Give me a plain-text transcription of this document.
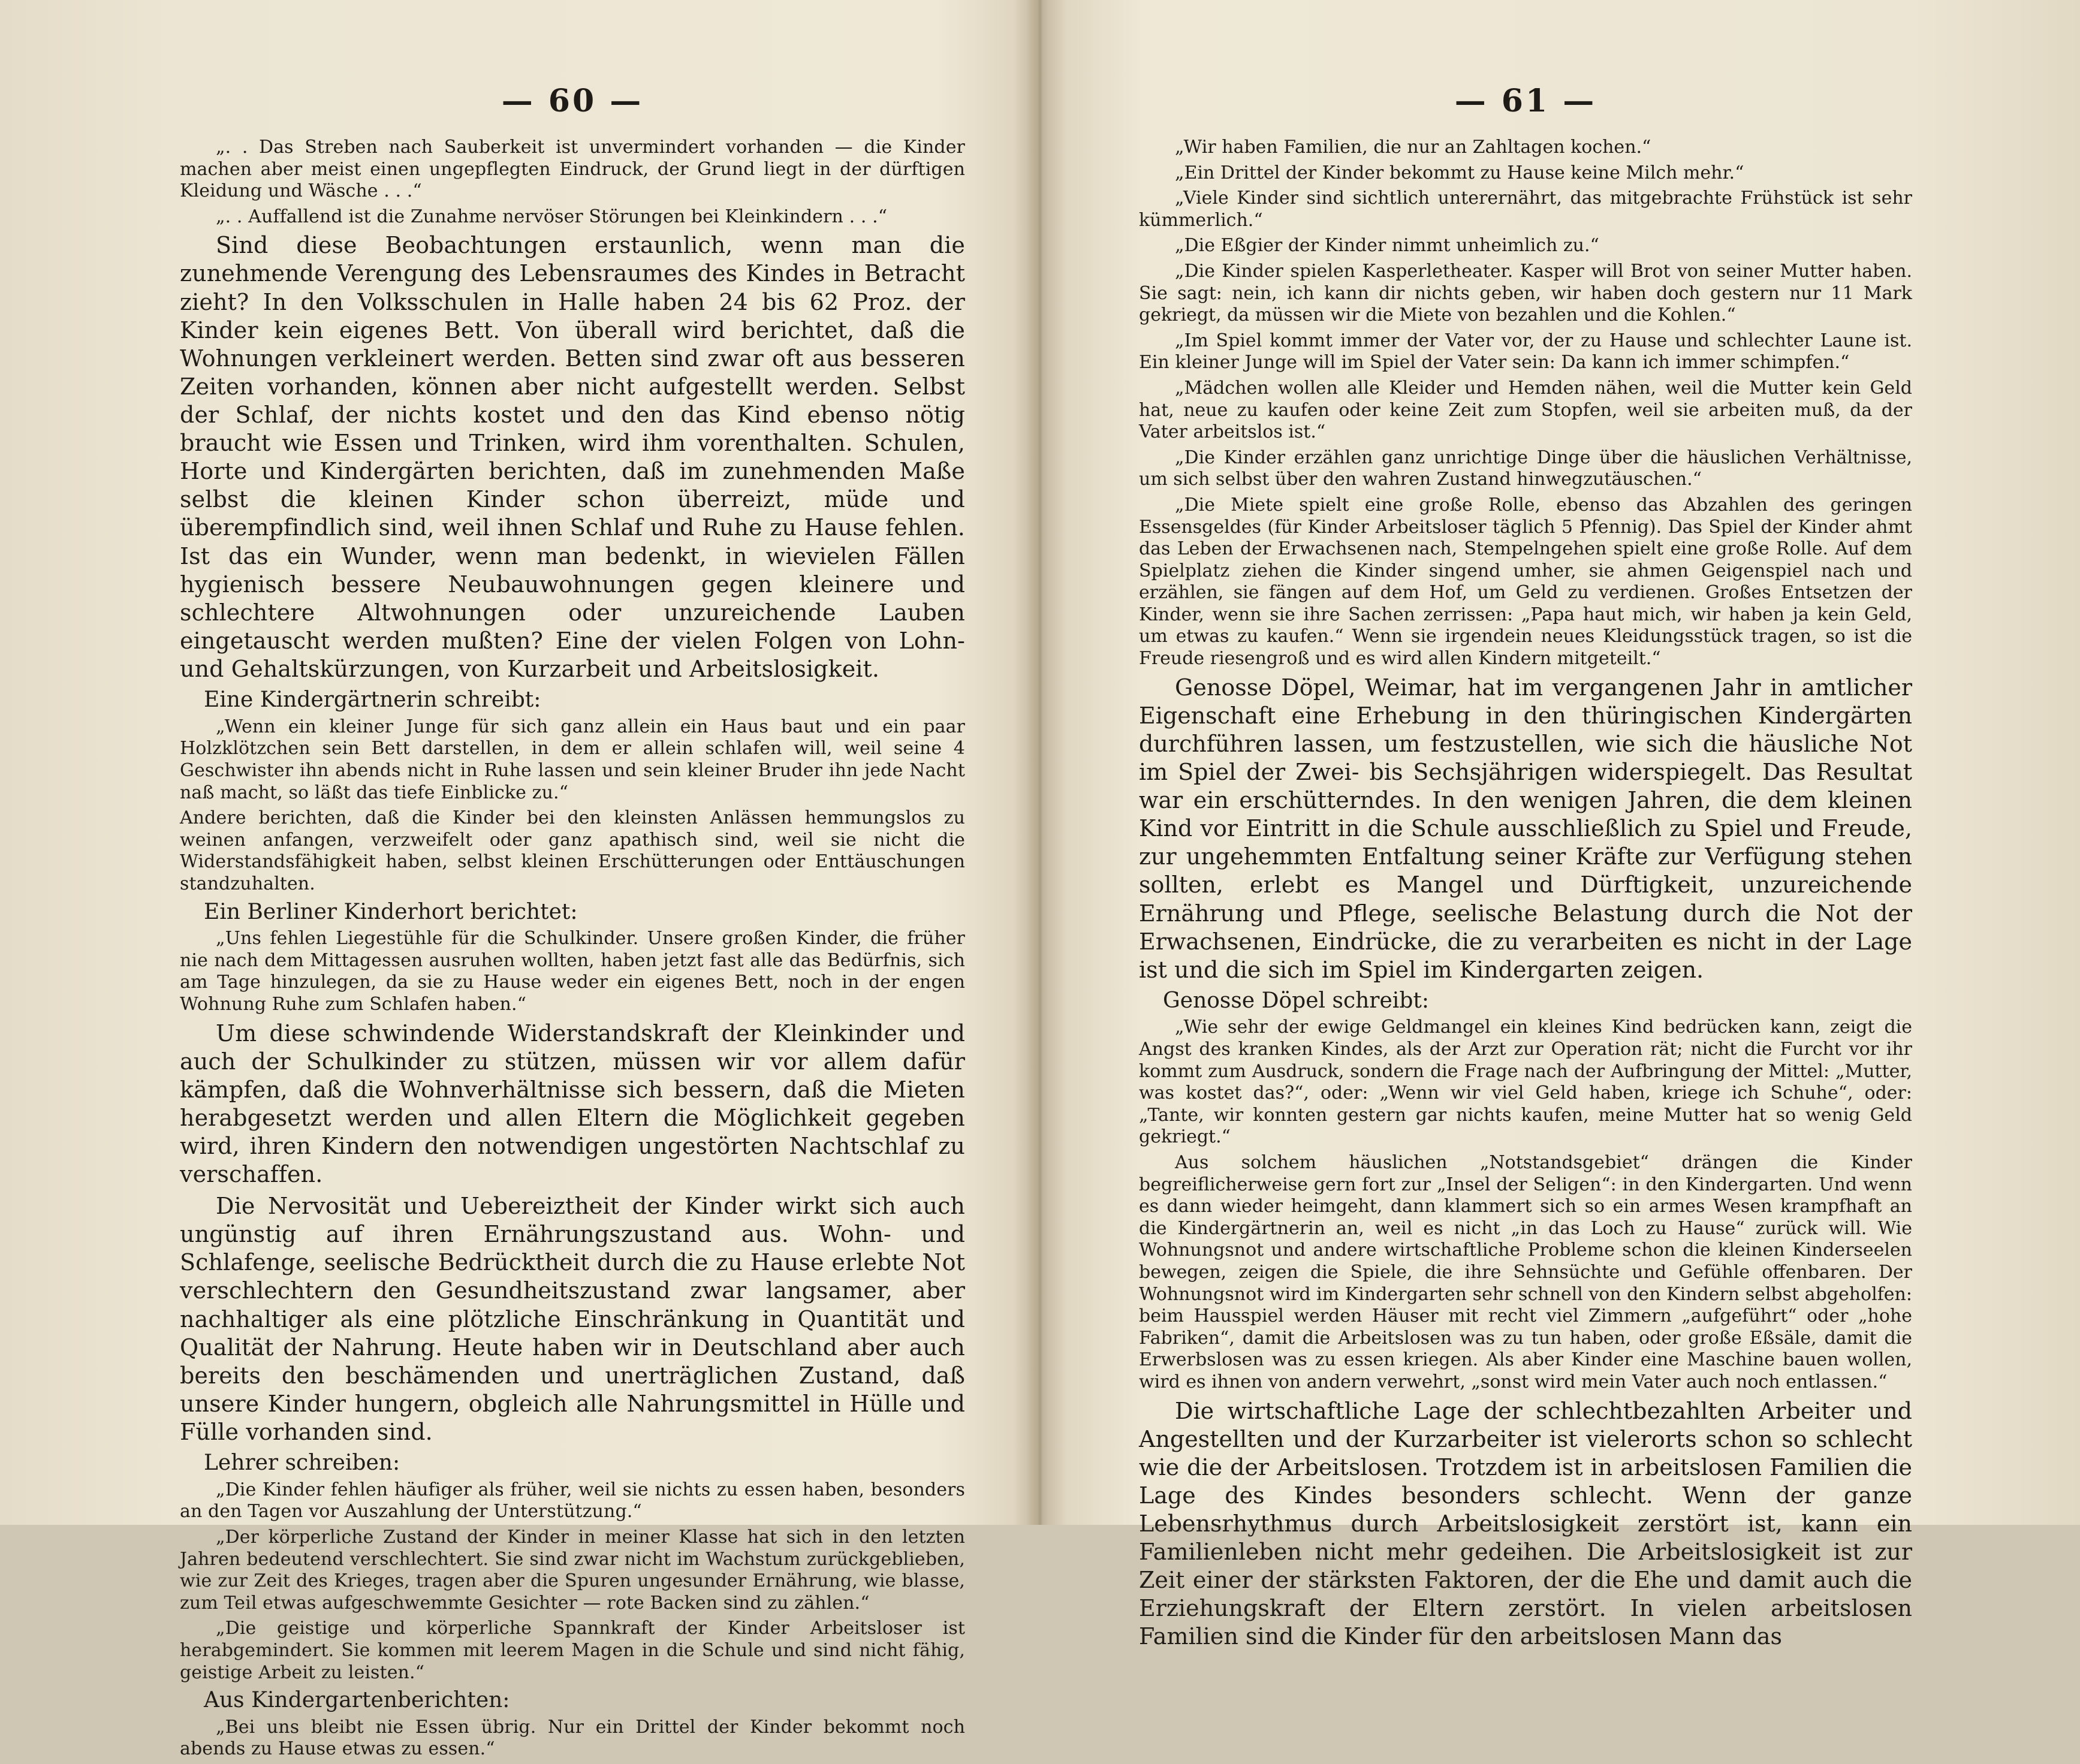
— 60 —

„. . Das Streben nach Sauberkeit ist unvermindert vorhanden — die Kinder machen aber meist einen ungepflegten Eindruck, der Grund liegt in der dürftigen Kleidung und Wäsche . . .“

„. . Auffallend ist die Zunahme nervöser Störungen bei Kleinkindern . . .“

Sind diese Beobachtungen erstaunlich, wenn man die zunehmende Verengung des Lebensraumes des Kindes in Betracht zieht? In den Volksschulen in Halle haben 24 bis 62 Proz. der Kinder kein eigenes Bett. Von überall wird berichtet, daß die Wohnungen verkleinert werden. Betten sind zwar oft aus besseren Zeiten vorhanden, können aber nicht aufgestellt werden. Selbst der Schlaf, der nichts kostet und den das Kind ebenso nötig braucht wie Essen und Trinken, wird ihm vorenthalten. Schulen, Horte und Kindergärten berichten, daß im zunehmenden Maße selbst die kleinen Kinder schon überreizt, müde und überempfindlich sind, weil ihnen Schlaf und Ruhe zu Hause fehlen. Ist das ein Wunder, wenn man bedenkt, in wievielen Fällen hygienisch bessere Neubauwohnungen gegen kleinere und schlechtere Altwohnungen oder unzureichende Lauben eingetauscht werden mußten? Eine der vielen Folgen von Lohn- und Gehaltskürzungen, von Kurzarbeit und Arbeitslosigkeit.

Eine Kindergärtnerin schreibt:

„Wenn ein kleiner Junge für sich ganz allein ein Haus baut und ein paar Holzklötzchen sein Bett darstellen, in dem er allein schlafen will, weil seine 4 Geschwister ihn abends nicht in Ruhe lassen und sein kleiner Bruder ihn jede Nacht naß macht, so läßt das tiefe Einblicke zu.“

Andere berichten, daß die Kinder bei den kleinsten Anlässen hemmungslos zu weinen anfangen, verzweifelt oder ganz apathisch sind, weil sie nicht die Widerstandsfähigkeit haben, selbst kleinen Erschütterungen oder Enttäuschungen standzuhalten.

Ein Berliner Kinderhort berichtet:

„Uns fehlen Liegestühle für die Schulkinder. Unsere großen Kinder, die früher nie nach dem Mittagessen ausruhen wollten, haben jetzt fast alle das Bedürfnis, sich am Tage hinzulegen, da sie zu Hause weder ein eigenes Bett, noch in der engen Wohnung Ruhe zum Schlafen haben.“

Um diese schwindende Widerstandskraft der Kleinkinder und auch der Schulkinder zu stützen, müssen wir vor allem dafür kämpfen, daß die Wohnverhältnisse sich bessern, daß die Mieten herabgesetzt werden und allen Eltern die Möglichkeit gegeben wird, ihren Kindern den notwendigen ungestörten Nachtschlaf zu verschaffen.

Die Nervosität und Uebereiztheit der Kinder wirkt sich auch ungünstig auf ihren Ernährungszustand aus. Wohn- und Schlafenge, seelische Bedrücktheit durch die zu Hause erlebte Not verschlechtern den Gesundheitszustand zwar langsamer, aber nachhaltiger als eine plötzliche Einschränkung in Quantität und Qualität der Nahrung. Heute haben wir in Deutschland aber auch bereits den beschämenden und unerträglichen Zustand, daß unsere Kinder hungern, obgleich alle Nahrungsmittel in Hülle und Fülle vorhanden sind.

Lehrer schreiben:

„Die Kinder fehlen häufiger als früher, weil sie nichts zu essen haben, besonders an den Tagen vor Auszahlung der Unterstützung.“

„Der körperliche Zustand der Kinder in meiner Klasse hat sich in den letzten Jahren bedeutend verschlechtert. Sie sind zwar nicht im Wachstum zurückgeblieben, wie zur Zeit des Krieges, tragen aber die Spuren ungesunder Ernährung, wie blasse, zum Teil etwas aufgeschwemmte Gesichter — rote Backen sind zu zählen.“

„Die geistige und körperliche Spannkraft der Kinder Arbeitsloser ist herabgemindert. Sie kommen mit leerem Magen in die Schule und sind nicht fähig, geistige Arbeit zu leisten.“

Aus Kindergartenberichten:

„Bei uns bleibt nie Essen übrig. Nur ein Drittel der Kinder bekommt noch abends zu Hause etwas zu essen.“

— 61 —

„Wir haben Familien, die nur an Zahltagen kochen.“

„Ein Drittel der Kinder bekommt zu Hause keine Milch mehr.“

„Viele Kinder sind sichtlich unterernährt, das mitgebrachte Frühstück ist sehr kümmerlich.“

„Die Eßgier der Kinder nimmt unheimlich zu.“

„Die Kinder spielen Kasperletheater. Kasper will Brot von seiner Mutter haben. Sie sagt: nein, ich kann dir nichts geben, wir haben doch gestern nur 11 Mark gekriegt, da müssen wir die Miete von bezahlen und die Kohlen.“

„Im Spiel kommt immer der Vater vor, der zu Hause und schlechter Laune ist. Ein kleiner Junge will im Spiel der Vater sein: Da kann ich immer schimpfen.“

„Mädchen wollen alle Kleider und Hemden nähen, weil die Mutter kein Geld hat, neue zu kaufen oder keine Zeit zum Stopfen, weil sie arbeiten muß, da der Vater arbeitslos ist.“

„Die Kinder erzählen ganz unrichtige Dinge über die häuslichen Verhältnisse, um sich selbst über den wahren Zustand hinwegzutäuschen.“

„Die Miete spielt eine große Rolle, ebenso das Abzahlen des geringen Essensgeldes (für Kinder Arbeitsloser täglich 5 Pfennig). Das Spiel der Kinder ahmt das Leben der Erwachsenen nach, Stempelngehen spielt eine große Rolle. Auf dem Spielplatz ziehen die Kinder singend umher, sie ahmen Geigenspiel nach und erzählen, sie fängen auf dem Hof, um Geld zu verdienen. Großes Entsetzen der Kinder, wenn sie ihre Sachen zerrissen: „Papa haut mich, wir haben ja kein Geld, um etwas zu kaufen.“ Wenn sie irgendein neues Kleidungsstück tragen, so ist die Freude riesengroß und es wird allen Kindern mitgeteilt.“

Genosse Döpel, Weimar, hat im vergangenen Jahr in amtlicher Eigenschaft eine Erhebung in den thüringischen Kindergärten durchführen lassen, um festzustellen, wie sich die häusliche Not im Spiel der Zwei- bis Sechsjährigen widerspiegelt. Das Resultat war ein erschütterndes. In den wenigen Jahren, die dem kleinen Kind vor Eintritt in die Schule ausschließlich zu Spiel und Freude, zur ungehemmten Entfaltung seiner Kräfte zur Verfügung stehen sollten, erlebt es Mangel und Dürftigkeit, unzureichende Ernährung und Pflege, seelische Belastung durch die Not der Erwachsenen, Eindrücke, die zu verarbeiten es nicht in der Lage ist und die sich im Spiel im Kindergarten zeigen.

Genosse Döpel schreibt:

„Wie sehr der ewige Geldmangel ein kleines Kind bedrücken kann, zeigt die Angst des kranken Kindes, als der Arzt zur Operation rät; nicht die Furcht vor ihr kommt zum Ausdruck, sondern die Frage nach der Aufbringung der Mittel: „Mutter, was kostet das?“, oder: „Wenn wir viel Geld haben, kriege ich Schuhe“, oder: „Tante, wir konnten gestern gar nichts kaufen, meine Mutter hat so wenig Geld gekriegt.“

Aus solchem häuslichen „Notstandsgebiet“ drängen die Kinder begreiflicherweise gern fort zur „Insel der Seligen“: in den Kindergarten. Und wenn es dann wieder heimgeht, dann klammert sich so ein armes Wesen krampfhaft an die Kindergärtnerin an, weil es nicht „in das Loch zu Hause“ zurück will. Wie Wohnungsnot und andere wirtschaftliche Probleme schon die kleinen Kinderseelen bewegen, zeigen die Spiele, die ihre Sehnsüchte und Gefühle offenbaren. Der Wohnungsnot wird im Kindergarten sehr schnell von den Kindern selbst abgeholfen: beim Hausspiel werden Häuser mit recht viel Zimmern „aufgeführt“ oder „hohe Fabriken“, damit die Arbeitslosen was zu tun haben, oder große Eßsäle, damit die Erwerbslosen was zu essen kriegen. Als aber Kinder eine Maschine bauen wollen, wird es ihnen von andern verwehrt, „sonst wird mein Vater auch noch entlassen.“

Die wirtschaftliche Lage der schlechtbezahlten Arbeiter und Angestellten und der Kurzarbeiter ist vielerorts schon so schlecht wie die der Arbeitslosen. Trotzdem ist in arbeitslosen Familien die Lage des Kindes besonders schlecht. Wenn der ganze Lebensrhythmus durch Arbeitslosigkeit zerstört ist, kann ein Familienleben nicht mehr gedeihen. Die Arbeitslosigkeit ist zur Zeit einer der stärksten Faktoren, der die Ehe und damit auch die Erziehungskraft der Eltern zerstört. In vielen arbeitslosen Familien sind die Kinder für den arbeitslosen Mann das
